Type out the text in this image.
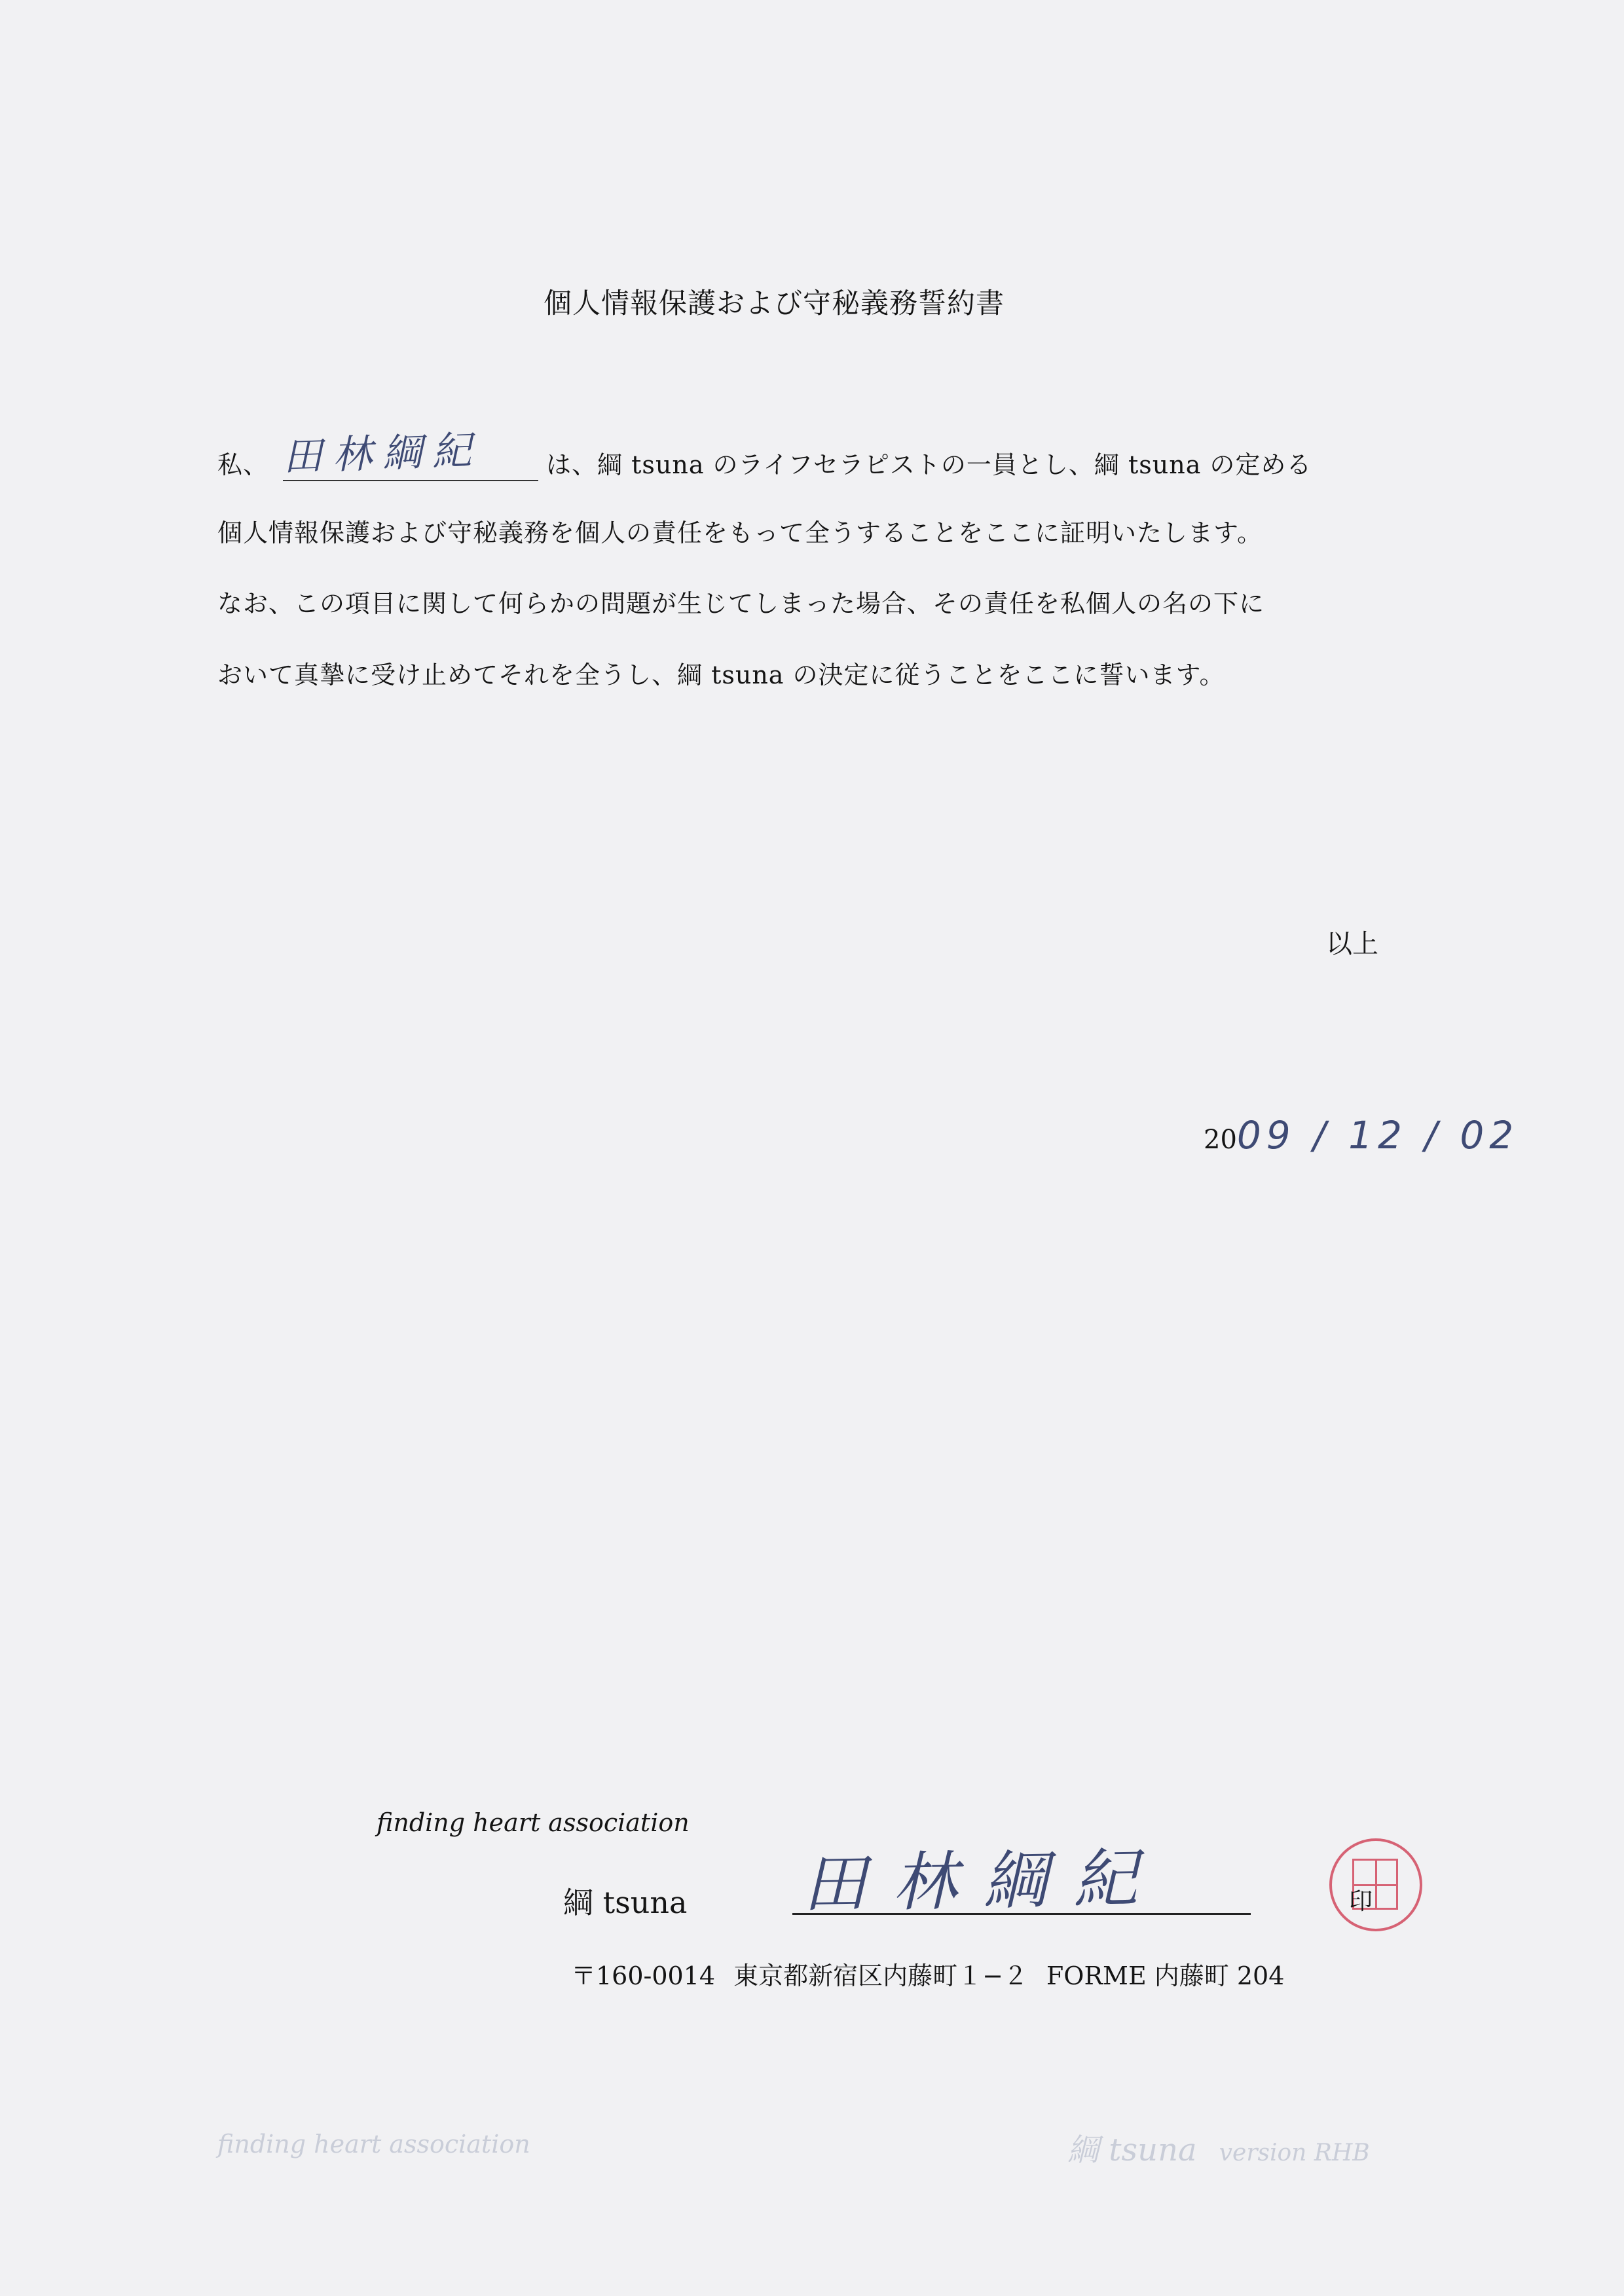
個人情報保護および守秘義務誓約書
私、 田林綱紀	は、綱 tsuna のライフセラピストの一員とし、綱 tsuna の定める
個人情報保護および守秘義務を個人の責任をもって全うすることをここに証明いたします。
なお、この項目に関して何らかの問題が生じてしまった場合、その責任を私個人の名の下に
おいて真摯に受け止めてそれを全うし、綱 tsuna の決定に従うことをここに誓います。
以上
2009 / 12 / 02
finding heart association
綱 tsuna 田林綱紀	印
〒160-0014 東京都新宿区内藤町１−２ FORME 内藤町 204
finding heart association	綱 tsuna version RHB
